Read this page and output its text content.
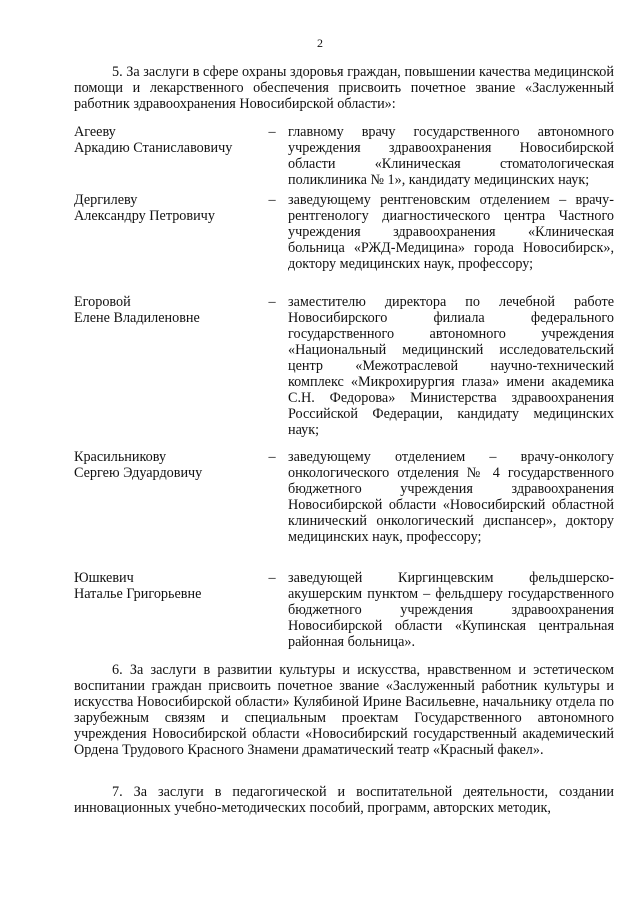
2

5. За заслуги в сфере охраны здоровья граждан, повышении качества медицинской помощи и лекарственного обеспечения присвоить почетное звание «Заслуженный работник здравоохранения Новосибирской области»:

Агееву
Аркадию Станиславовичу
– главному врачу государственного автономного учреждения здравоохранения Новосибирской области «Клиническая стоматологическая поликлиника № 1», кандидату медицинских наук;
Дергилеву
Александру Петровичу
– заведующему рентгеновским отделением – врачу-рентгенологу диагностического центра Частного учреждения здравоохранения «Клиническая больница «РЖД-Медицина» города Новосибирск», доктору медицинских наук, профессору;
Егоровой
Елене Владиленовне
– заместителю директора по лечебной работе Новосибирского филиала федерального государственного автономного учреждения «Национальный медицинский исследовательский центр «Межотраслевой научно-технический комплекс «Микрохирургия глаза» имени академика С.Н. Федорова» Министерства здравоохранения Российской Федерации, кандидату медицинских наук;
Красильникову
Сергею Эдуардовичу
– заведующему отделением – врачу-онкологу онкологического отделения № 4 государственного бюджетного учреждения здравоохранения Новосибирской области «Новосибирский областной клинический онкологический диспансер», доктору медицинских наук, профессору;
Юшкевич
Наталье Григорьевне
– заведующей Киргинцевским фельдшерско-акушерским пунктом – фельдшеру государственного бюджетного учреждения здравоохранения Новосибирской области «Купинская центральная районная больница».

6. За заслуги в развитии культуры и искусства, нравственном и эстетическом воспитании граждан присвоить почетное звание «Заслуженный работник культуры и искусства Новосибирской области» Кулябиной Ирине Васильевне, начальнику отдела по зарубежным связям и специальным проектам Государственного автономного учреждения Новосибирской области «Новосибирский государственный академический Ордена Трудового Красного Знамени драматический театр «Красный факел».

7. За заслуги в педагогической и воспитательной деятельности, создании инновационных учебно-методических пособий, программ, авторских методик,
